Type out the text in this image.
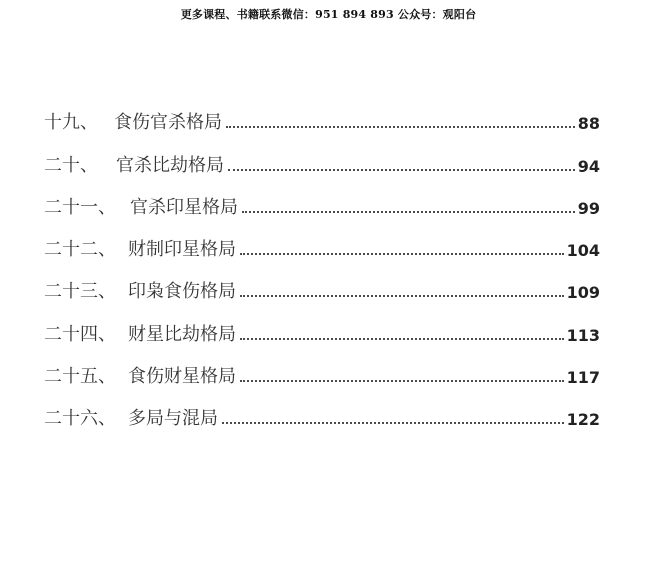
更多课程、书籍联系微信：951 894 893 公众号：观阳台
十九、 食伤官杀格局	88
二十、 官杀比劫格局	94
二十一、 官杀印星格局	99
二十二、 财制印星格局	104
二十三、 印枭食伤格局	109
二十四、 财星比劫格局	113
二十五、 食伤财星格局	117
二十六、 多局与混局	122
